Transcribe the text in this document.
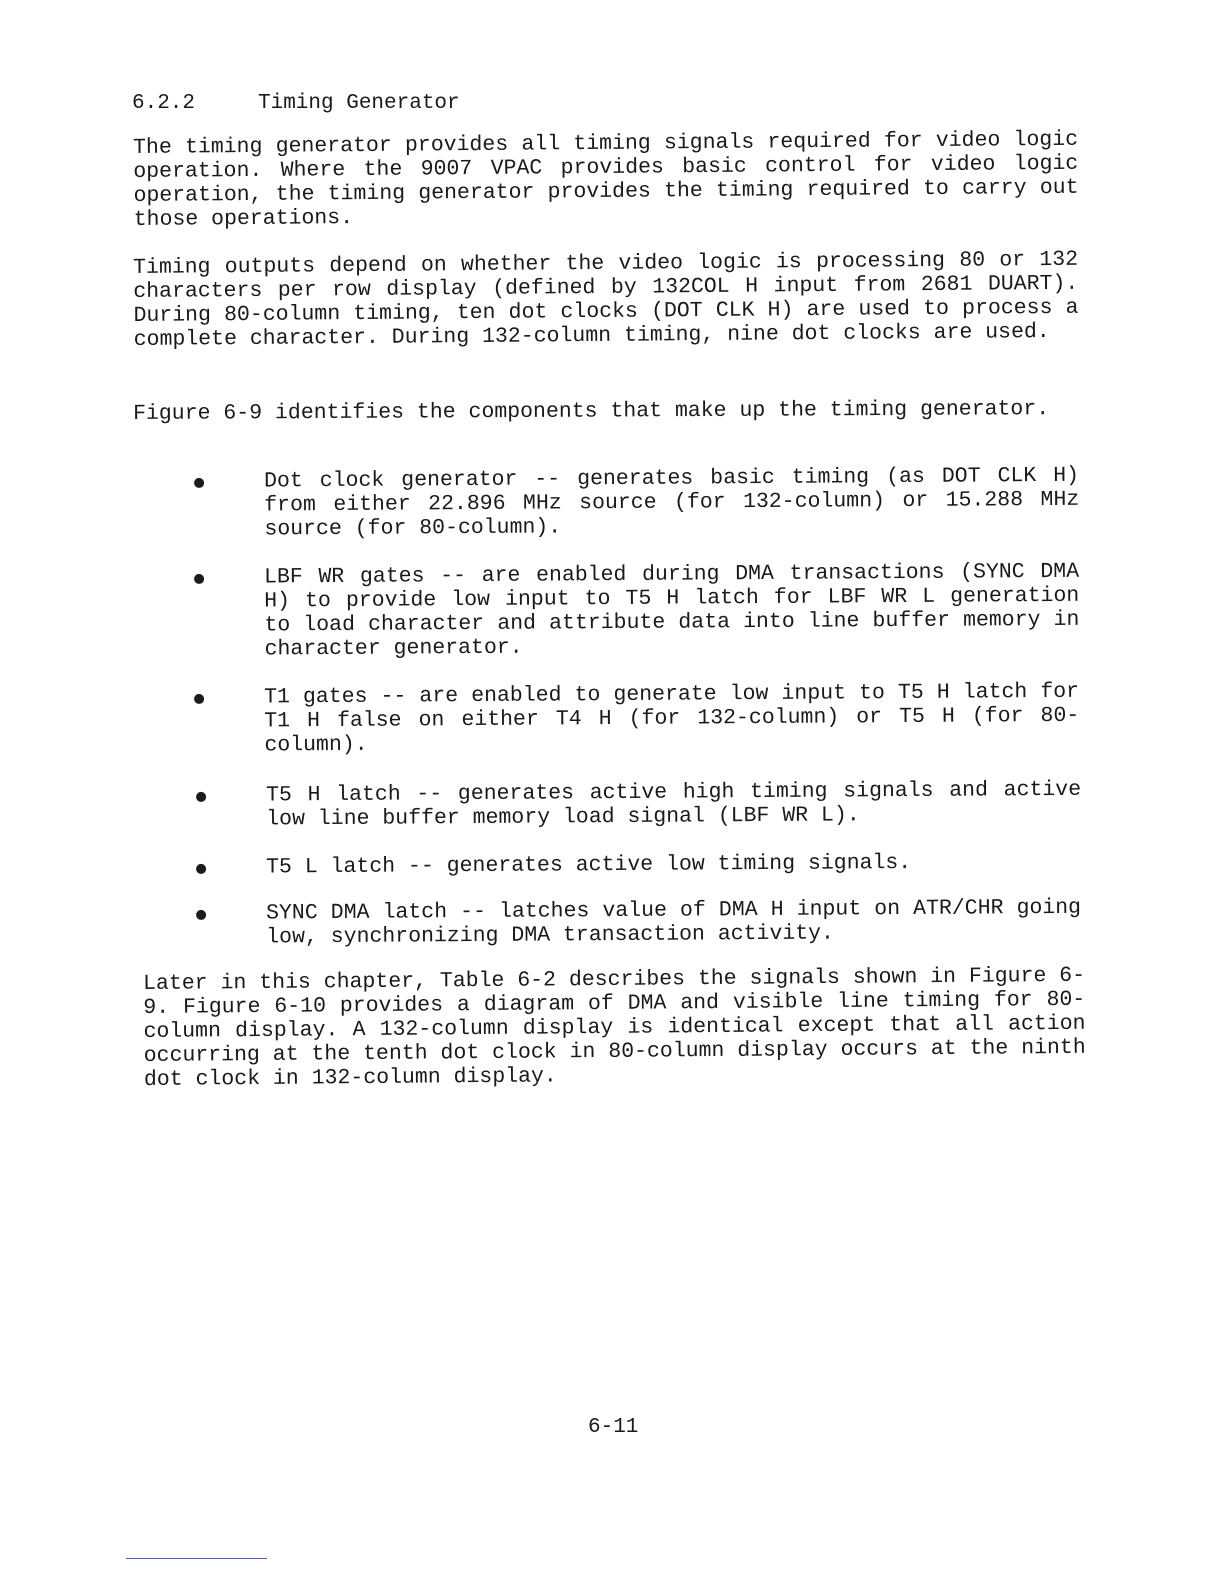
6.2.2	Timing Generator

The timing generator provides all timing signals required for video logic operation. Where the 9007 VPAC provides basic control for video logic operation, the timing generator provides the timing required to carry out those operations.

Timing outputs depend on whether the video logic is processing 80 or 132 characters per row display (defined by 132COL H input from 2681 DUART). During 80-column timing, ten dot clocks (DOT CLK H) are used to process a complete character. During 132-column timing, nine dot clocks are used.

Figure 6-9 identifies the components that make up the timing generator.

Dot clock generator -- generates basic timing (as DOT CLK H) from either 22.896 MHz source (for 132-column) or 15.288 MHz source (for 80-column).

LBF WR gates -- are enabled during DMA transactions (SYNC DMA H) to provide low input to T5 H latch for LBF WR L generation to load character and attribute data into line buffer memory in character generator.

T1 gates -- are enabled to generate low input to T5 H latch for T1 H false on either T4 H (for 132-column) or T5 H (for 80-column).

T5 H latch -- generates active high timing signals and active low line buffer memory load signal (LBF WR L).

T5 L latch -- generates active low timing signals.

SYNC DMA latch -- latches value of DMA H input on ATR/CHR going low, synchronizing DMA transaction activity.

Later in this chapter, Table 6-2 describes the signals shown in Figure 6-9. Figure 6-10 provides a diagram of DMA and visible line timing for 80-column display. A 132-column display is identical except that all action occurring at the tenth dot clock in 80-column display occurs at the ninth dot clock in 132-column display.

6-11
